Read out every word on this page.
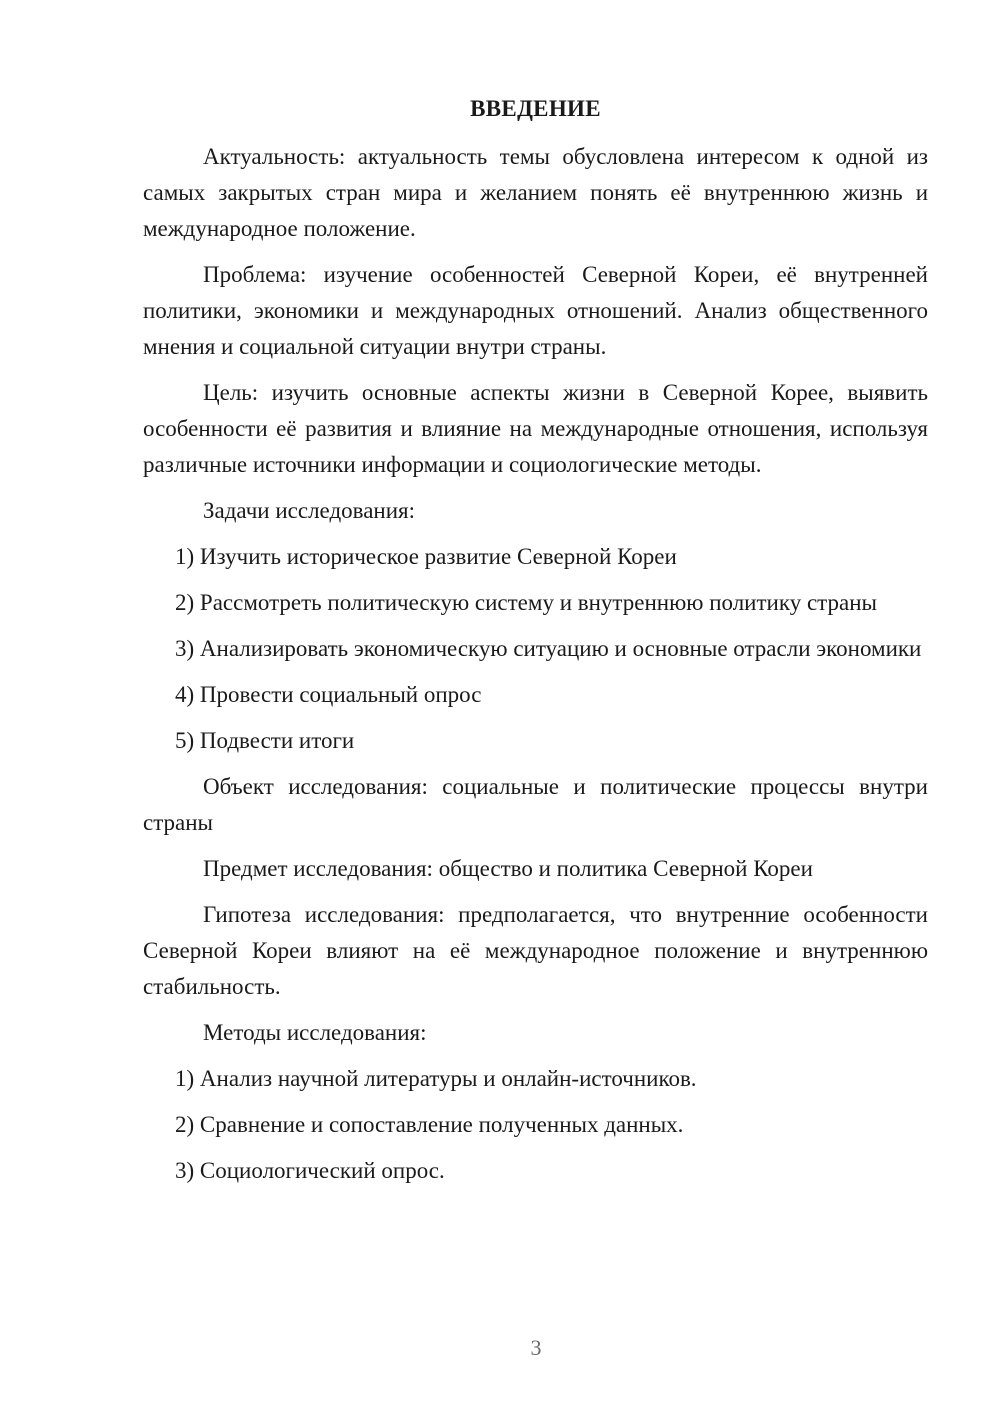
ВВЕДЕНИЕ

Актуальность: актуальность темы обусловлена интересом к одной из самых закрытых стран мира и желанием понять её внутреннюю жизнь и международное положение.

Проблема: изучение особенностей Северной Кореи, её внутренней политики, экономики и международных отношений. Анализ общественного мнения и социальной ситуации внутри страны.

Цель: изучить основные аспекты жизни в Северной Корее, выявить особенности её развития и влияние на международные отношения, используя различные источники информации и социологические методы.

Задачи исследования:

1) Изучить историческое развитие Северной Кореи

2) Рассмотреть политическую систему и внутреннюю политику страны

3) Анализировать экономическую ситуацию и основные отрасли экономики

4) Провести социальный опрос

5) Подвести итоги

Объект исследования: социальные и политические процессы внутри страны

Предмет исследования: общество и политика Северной Кореи

Гипотеза исследования: предполагается, что внутренние особенности Северной Кореи влияют на её международное положение и внутреннюю стабильность.

Методы исследования:

1) Анализ научной литературы и онлайн-источников.

2) Сравнение и сопоставление полученных данных.

3) Социологический опрос.

3
